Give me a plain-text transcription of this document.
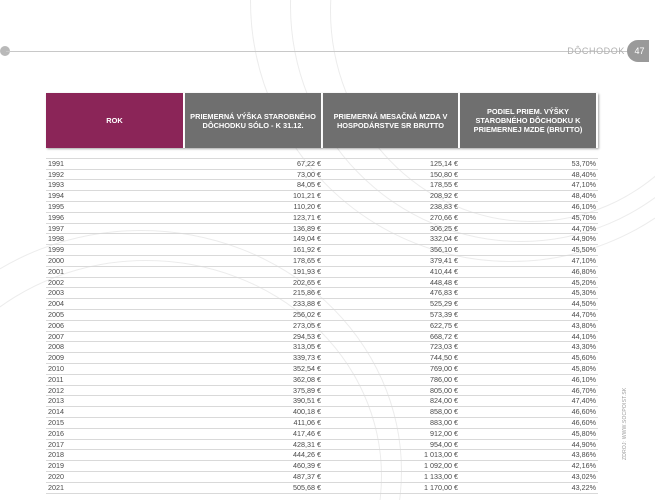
DÔCHODOK	47
ROK	PRIEMERNÁ VÝŠKA STAROBNÉHO DÔCHODKU SÓLO - K 31.12.	PRIEMERNÁ MESAČNÁ MZDA V HOSPODÁRSTVE SR BRUTTO	PODIEL PRIEM. VÝŠKY STAROBNÉHO DÔCHODKU K PRIEMERNEJ MZDE (BRUTTO)

1991	67,22 €	125,14 €	53,70%
1992	73,00 €	150,80 €	48,40%
1993	84,05 €	178,55 €	47,10%
1994	101,21 €	208,92 €	48,40%
1995	110,20 €	238,83 €	46,10%
1996	123,71 €	270,66 €	45,70%
1997	136,89 €	306,25 €	44,70%
1998	149,04 €	332,04 €	44,90%
1999	161,92 €	356,10 €	45,50%
2000	178,65 €	379,41 €	47,10%
2001	191,93 €	410,44 €	46,80%
2002	202,65 €	448,48 €	45,20%
2003	215,86 €	476,83 €	45,30%
2004	233,88 €	525,29 €	44,50%
2005	256,02 €	573,39 €	44,70%
2006	273,05 €	622,75 €	43,80%
2007	294,53 €	668,72 €	44,10%
2008	313,05 €	723,03 €	43,30%
2009	339,73 €	744,50 €	45,60%
2010	352,54 €	769,00 €	45,80%
2011	362,08 €	786,00 €	46,10%
2012	375,89 €	805,00 €	46,70%
2013	390,51 €	824,00 €	47,40%
2014	400,18 €	858,00 €	46,60%
2015	411,06 €	883,00 €	46,60%
2016	417,46 €	912,00 €	45,80%
2017	428,31 €	954,00 €	44,90%
2018	444,26 €	1 013,00 €	43,86%
2019	460,39 €	1 092,00 €	42,16%
2020	487,37 €	1 133,00 €	43,02%
2021	505,68 €	1 170,00 €	43,22%
ZDROJ: WWW.SOCPOIST.SK
